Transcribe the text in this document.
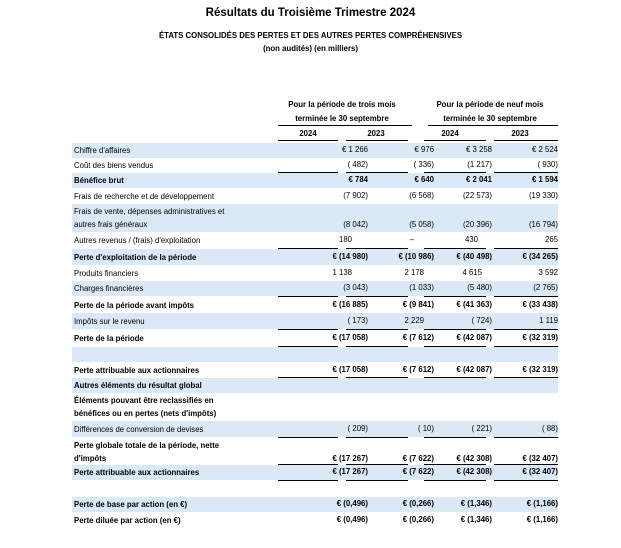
Résultats du Troisième Trimestre 2024
ÉTATS CONSOLIDÉS DES PERTES ET DES AUTRES PERTES COMPRÉHENSIVES
(non audités) (en milliers)
Pour la période de trois mois
terminée le 30 septembre
Pour la période de neuf mois
terminée le 30 septembre
2024	2023	2024	2023
Chiffre d'affaires	€ 1 266	€ 976	€ 3 258	€ 2 524
Coût des biens vendus	( 482)	( 336)	(1 217)	( 930)
Bénéfice brut	€ 784	€ 640	€ 2 041	€ 1 594
Frais de recherche et de développement	(7 902)	(6 568)	(22 573)	(19 330)
Frais de vente, dépenses administratives et
autres frais généraux	(8 042)	(5 058)	(20 396)	(16 794)
Autres revenus / (frais) d'exploitation	180	–	430	265
Perte d'exploitation de la période	€ (14 980)	€ (10 986)	€ (40 498)	€ (34 265)
Produits financiers	1 138	2 178	4 615	3 592
Charges financières	(3 043)	(1 033)	(5 480)	(2 765)
Perte de la période avant impôts	€ (16 885)	€ (9 841)	€ (41 363)	€ (33 438)
Impôts sur le revenu	( 173)	2 229	( 724)	1 119
Perte de la période	€ (17 058)	€ (7 612)	€ (42 087)	€ (32 319)
Perte attribuable aux actionnaires	€ (17 058)	€ (7 612)	€ (42 087)	€ (32 319)
Autres éléments du résultat global
Éléments pouvant être reclassifiés en
bénéfices ou en pertes (nets d'impôts)
Différences de conversion de devises	( 209)	( 10)	( 221)	( 88)
Perte globale totale de la période, nette
d'impôts	€ (17 267)	€ (7 622)	€ (42 308)	€ (32 407)
Perte attribuable aux actionnaires	€ (17 267)	€ (7 622)	€ (42 308)	€ (32 407)
Perte de base par action (en €)	€ (0,496)	€ (0,266)	€ (1,346)	€ (1,166)
Perte diluée par action (en €)	€ (0,496)	€ (0,266)	€ (1,346)	€ (1,166)
